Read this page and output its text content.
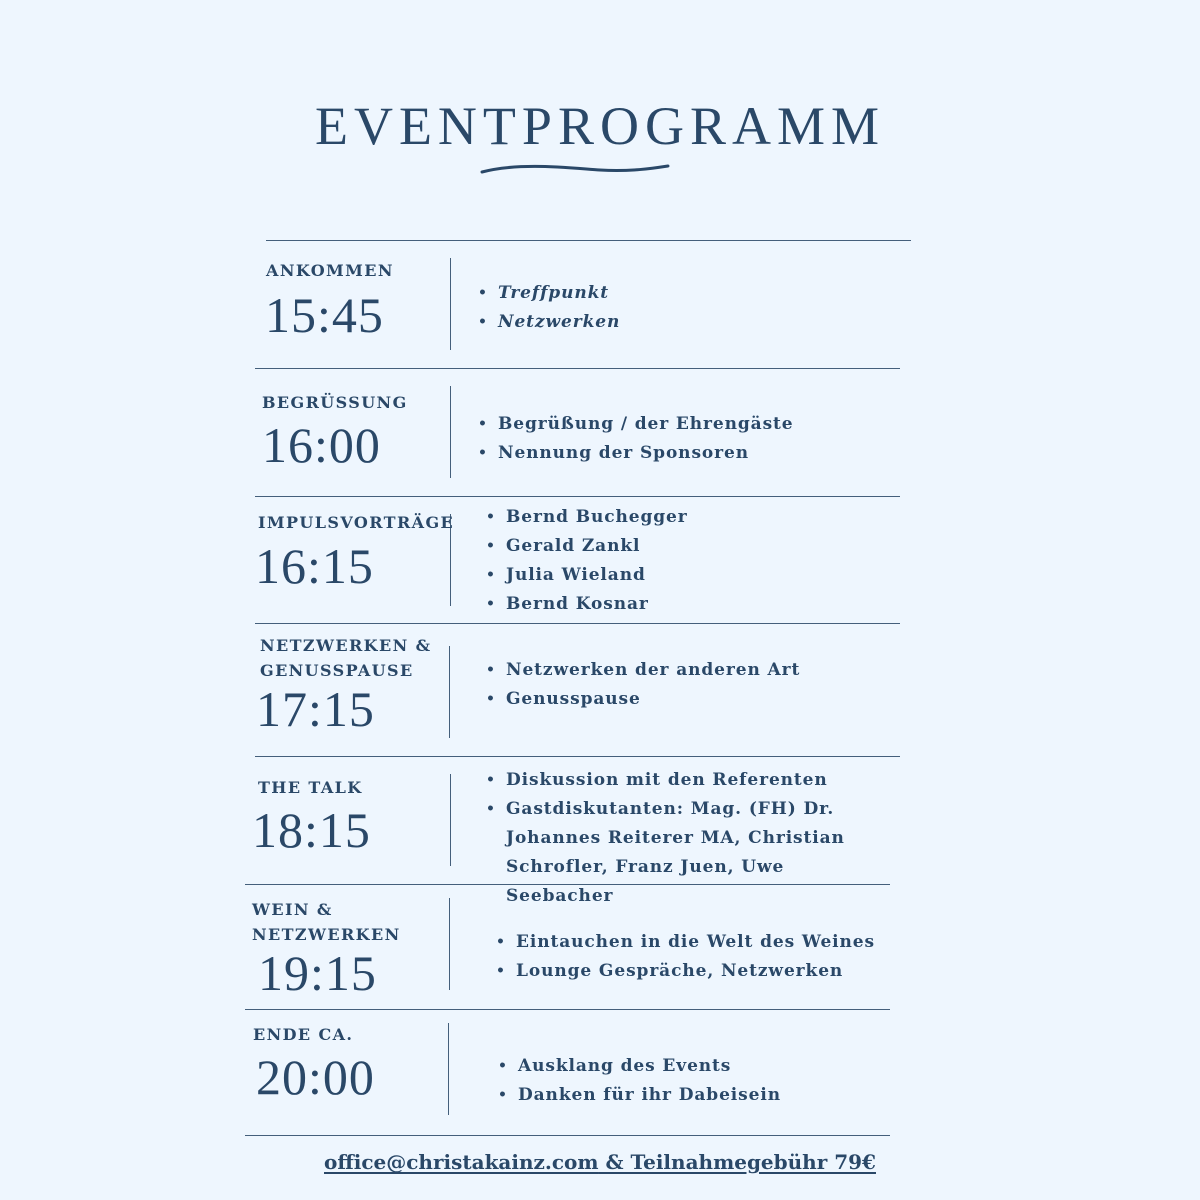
EVENTPROGRAMM
ANKOMMEN
15:45	• Treffpunkt
• Netzwerken
BEGRÜSSUNG
16:00	• Begrüßung / der Ehrengäste
• Nennung der Sponsoren
IMPULSVORTRÄGE
16:15
• Bernd Buchegger
• Gerald Zankl
• Julia Wieland
• Bernd Kosnar
NETZWERKEN &
GENUSSPAUSE
17:15
• Netzwerken der anderen Art
• Genusspause
THE TALK
18:15
• Diskussion mit den Referenten
• Gastdiskutanten: Mag. (FH) Dr. Johannes Reiterer MA, Christian Schrofler, Franz Juen, Uwe Seebacher
WEIN &
NETZWERKEN
19:15
• Eintauchen in die Welt des Weines
• Lounge Gespräche, Netzwerken
ENDE CA.
20:00	• Ausklang des Events
• Danken für ihr Dabeisein
office@christakainz.com & Teilnahmegebühr 79€
